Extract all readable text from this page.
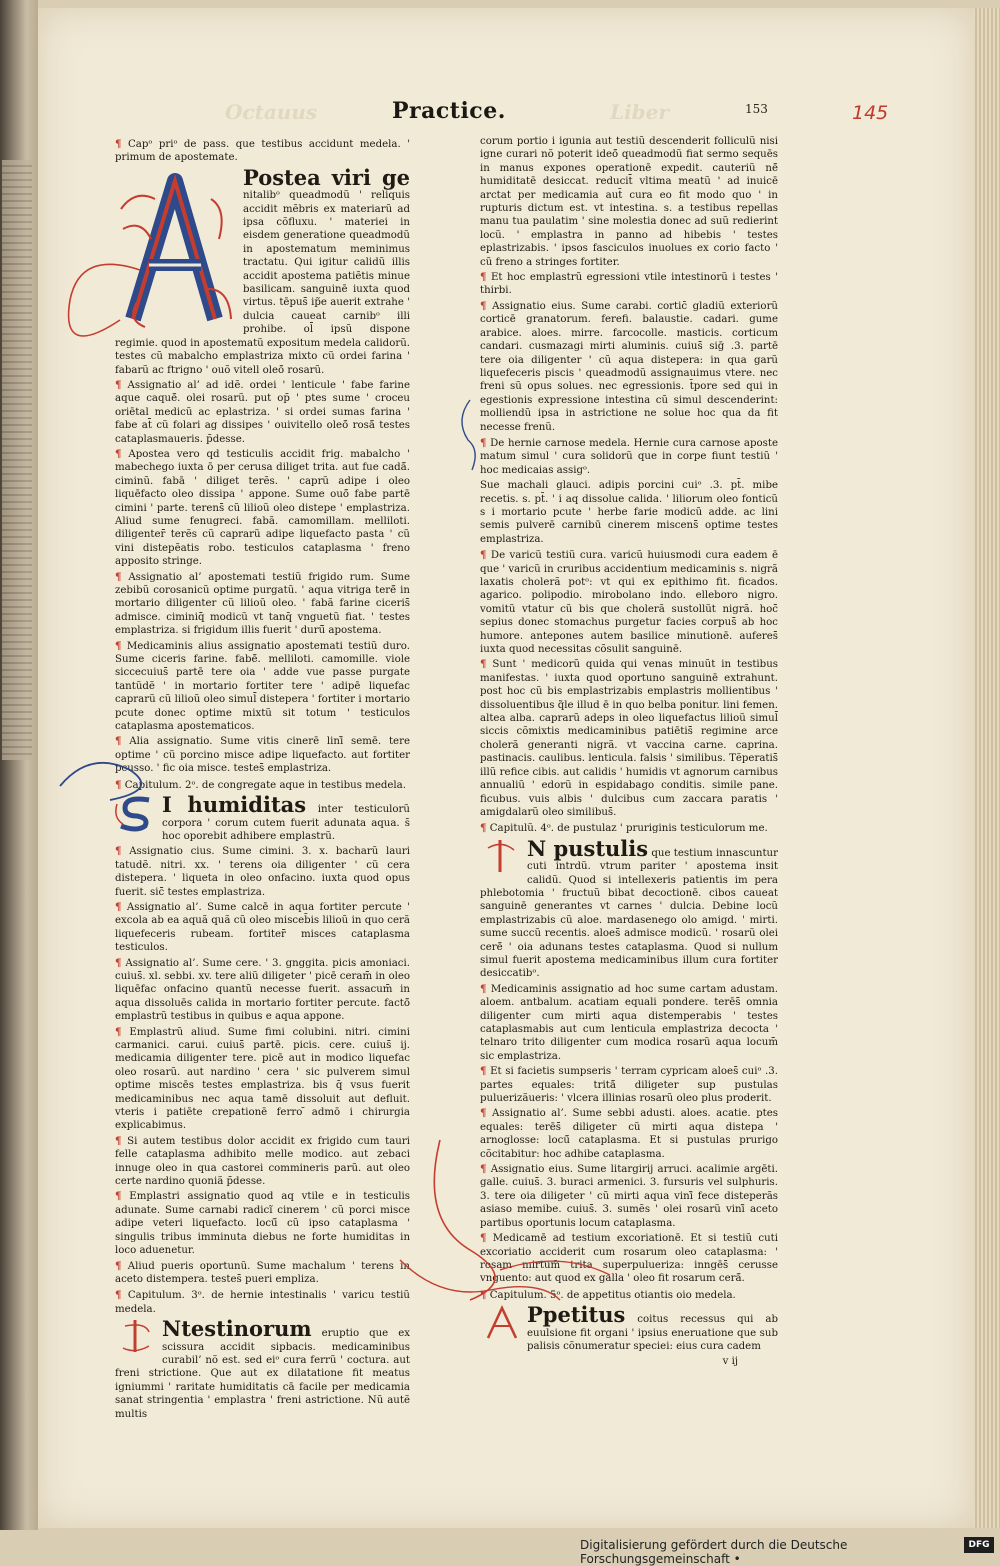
Octauus	Liber
Practice.	153	145

¶ Capᵒ priᵒ de pass. que testibus accidunt medela. ' primum de apostemate.

Postea viri ge nitalibᵒ queadmodũ ' reliquis accidit mẽbris ex materiarũ ad ipsa cõfluxu. ' materiei in eisdem generatione queadmodũ in apostematum meminimus tractatu. Qui igitur calidũ illis accidit apostema patiẽtis minue basilicam. sanguinē iuxta quod virtus. tēpus̄̄ ip̃e auerit extrahe ' dulcia caueat carnibᵒ illi prohibe. ol̄̄ ipsũ dispone regimie. quod in apostematũ expositum medela calidorũ. testes cũ mabalcho emplastriza mixto cũ ordei farina ' fabarũ ac ftrigno ' ouõ vitell oleō̄ rosarũ.

¶ Assignatio al’ ad idẽ. ordei ' lenticule ' fabe farine aque caquē̄. olei rosarũ. put op̄ ' ptes sume ' croceu oriētal medicũ ac eplastriza. ' si ordei sumas farina ' fabe at̄̄ cũ folari ag dissipes ' ouivitello oleō̄ rosā̄ testes cataplasmaueris. p̄desse.

¶ Apostea vero qd testiculis accidit frig. mabalcho ' mabechego iuxta ō per cerusa diliget trita. aut fue cadā̄. ciminũ. fabā ' diliget terẽs. ' caprũ adipe i oleo liquēfacto oleo dissipa ' appone. Sume ouō̄ fabe partē cimini ' parte. terens̄̄ cũ lilioũ oleo distepe ' emplastriza. Aliud sume fenugreci. fabã. camomillam. melliloti. diligenter̄̄ terẽs cũ caprarũ adipe liquefacto pasta ' cũ vini distepẽatis robo. testiculos cataplasma ' freno apposito stringe.

¶ Assignatio al’ apostemati testiũ frigido rum. Sume zebibũ corosanicũ optime purgatũ. ' aqua vitriga terē̄ in mortario diligenter cũ lilioũ oleo. ' fabã farine ciceris̄̄ admisce. ciminiq̄̄ modicũ vt tanq̄ vnguetũ fiat. ' testes emplastriza. si frigidum illis fuerit ' durũ̄ apostema.

¶ Medicaminis alius assignatio apostemati testiũ duro. Sume ciceris farine. fabē̄. melliloti. camomille. viole siccecuius̄̄ partē tere oia ' adde vue passe purgate tantũdẽ ' in mortario fortiter tere ' adipē liquefac caprarũ cũ lilioũ oleo simul̄̄ distepera ' fortiter i mortario pcute donec optime mixtũ sit totum ' testiculos cataplasma apostematicos.

¶ Alia assignatio. Sume vitis cinerē linī̄ semē. tere optime ' cũ porcino misce adipe liquefacto. aut fortiter pcusso. ' fic oia misce. testes̄̄ emplastriza.

¶ Capitulum. 2ᵒ. de congregate aque in testibus medela.

I humiditas inter testiculorũ corpora ' corum cutem fuerit adunata aqua. s̄ hoc oporebit adhibere emplastrũ.

¶ Assignatio cius. Sume cimini. 3. x. bacharũ lauri tatudẽ. nitri. xx. ' terens oia diligenter ' cũ cera distepera. ' liqueta in oleo onfacino. iuxta quod opus fuerit. sic̄̄ testes emplastriza.

¶ Assignatio al’. Sume calcē in aqua fortiter percute ' excola ab ea aquã quã cũ oleo misceb̄is lilioũ in quo cerã liquefeceris rubeam. fortiter̄̄ misces cataplasma testiculos.

¶ Assignatio al’. Sume cere. ' 3. gnggita. picis amoniaci. cuius̄̄. xl. sebbi. xv. tere aliũ diligeter ' picē ceram̄̄ in oleo liquēfac onfacino quantũ necesse fuerit. assacum̄̄ in aqua dissoluēs calida in mortario fortiter percute. factō̄ emplastrũ testibus in quibus e aqua appone.

¶ Emplastrũ aliud. Sume fimi colubini. nitri. cimini carmanici. carui. cuius̄̄ partē. picis. cere. cuius̄̄ ij. medicamia diligenter tere. picē aut in modico liquefac oleo rosarũ. aut nardino ' cera ' sic pulverem simul optime miscēs testes emplastriza. bis q̄ vsus fuerit medicaminibus nec aqua tamē dissoluit aut defluit. vteris i patiēte crepationē ferro ̄admō i chirurgia explicabimus.

¶ Si autem testibus dolor accidit ex frigido cum tauri felle cataplasma adhibito melle modico. aut zebaci innuge oleo in qua castorei commineris parũ. aut oleo certe nardino quoniã p̄desse.

¶ Emplastri assignatio quod aq vtile e in testiculis adunate. Sume carnabi radicĩ cinerem ' cũ porci misce adipe veteri liquefacto. locū̄ cũ ipso cataplasma ' singulis tribus imminuta diebus ne forte humiditas in loco aduenetur.

¶ Aliud pueris oportunũ. Sume machalum ' terens in aceto distempera. testes̄̄ pueri empliza.

¶ Capitulum. 3ᵒ. de hernie intestinalis ' varicu testiũ medela.

Ntestinorum eruptio que ex scissura accidit sipbacis. medicaminibus curabil’ nõ est. sed eiᵒ cura ferrũ ' coctura. aut freni strictione. Que aut ex dilatatione fit meatus igniummi ' raritate humiditatis cā facile per medicamia sanat stringentia ' emplastra ' freni astrictione. Nũ autẽ multis

corum portio i igunia aut testiũ descenderit folliculũ nisi igne curari nõ poterit ideō̄ queadmodũ fiat sermo sequēs in manus expones operationē expedit. cauteriũ nē̄ humiditatē desiccat. reducit̄̄ vltima meatũ ' ad inuicē arctat per medicamia aut̄ cura eo fit modo quo ' in rupturis dictum est. vt intestina. s. a testibus repellas manu tua paulatim ' sine molestia donec ad suũ redierint locũ. ' emplastra in panno ad hibebis ' testes eplastrizabis. ' ipsos fasciculos inuolues ex corio facto ' cũ freno a stringes fortiter.

¶ Et hoc emplastrũ egressioni vtile intestinorũ i testes ' thirbi.

¶ Assignatio eius. Sume carabi. cortic̄ gladiũ exteriorũ corticē granatorum. ferefi. balaustie. cadari. gume arabice. aloes. mirre. farcocolle. masticis. corticum candari. cusmazagi mirti aluminis. cuius̄̄ siḡ .3. partē tere oia diligenter ' cũ aqua distepera: in qua garũ liquefeceris piscis ' queadmodũ assignauimus vtere. nec freni sũ opus solues. nec egressionis. t̄pore sed qui in egestionis expressione intestina cũ simul descenderint: molliendũ ipsa in astrictione ne solue hoc qua da fit necesse frenũ.

¶ De hernie carnose medela. Hernie cura carnose aposte matum simul ' cura solidorũ que in corpe fiunt testiũ ' hoc medicaias assigᵒ.

Sue machali glauci. adipis porcini cuiᵒ .3. pt̄. mibe recetis. s. pt̄. ' i aq dissolue calida. ' liliorum oleo fonticũ s i mortario pcute ' herbe farie modicũ adde. ac lini semis pulverē carnibū cinerem miscens̄̄ optime testes emplastriza.

¶ De varicũ testiũ cura. varicũ huiusmodi cura eadem ē que ' varicũ in cruribus accidentium medicaminis s. nigrã laxatis cholerã potᵒ: vt qui ex epithimo fit. ficados. agarico. polipodio. mirobolano indo. elleboro nigro. vomitũ vtatur cũ bis que cholerã sustollũt nigrã. hoc̄̄ sepius donec stomachus purgetur facies corpus̄̄ ab hoc humore. antepones autem basilice minutionē. auferes̄̄ iuxta quod necessitas cõsulit sanguinē.

¶ Sunt ' medicorũ quida qui venas minuũt in testibus manifestas. ' iuxta quod oportuno sanguinē extrahunt. post hoc cũ bis emplastrizabis emplastris mollientibus ' dissoluentibus q̃le illud ē in quo belba ponitur. lini femen. altea alba. caprarũ adeps in oleo liquefactus lilioũ simul̄̄ siccis cõmixtis medicaminibus patiētis̄̄ regimine arce cholerã generanti nigrã. vt vaccina carne. caprina. pastinacis. caulibus. lenticula. falsis ' similibus. Tẽperatis̄̄ illũ refice cibis. aut calidis ' humidis vt agnorum carnibus annualiũ ' edorũ in espidabago conditis. simile pane. ficubus. vuis albis ' dulcibus cum zaccara paratis ' amigdalarũ oleo similibus̄̄.

¶ Capitulũ. 4ᵒ. de pustulaz ' pruriginis testiculorum me.

N pustulis que testium innascuntur cuti intrdũ. vtrum pariter ' apostema insit calidũ. Quod si intellexeris patientis im pera phlebotomia ' fructuũ bibat decoctionē. cibos caueat sanguinē generantes vt carnes ' dulcia. Debine locũ emplastrizabis cũ aloe. mardasenego olo amigd. ' mirti. sume succũ recentis. aloes̄̄ admisce modicũ. ' rosarũ olei cerē̄ ' oia adunans testes cataplasma. Quod si nullum simul fuerit apostema medicaminibus illum cura fortiter desiccatibᵒ.

¶ Medicaminis assignatio ad hoc sume cartam adustam. aloem. antbalum. acatiam equali pondere. terēs̄̄ omnia diligenter cum mirti aqua distemperabis ' testes cataplasmabis aut cum lenticula emplastriza decocta ' telnaro trito diligenter cum modica rosarũ aqua locum̄̄ sic emplastriza.

¶ Et si facietis sumpseris ' terram cypricam aloes̄̄ cuiᵒ .3. partes equales: tritā̄ diligeter sup pustulas puluerizãueris: ' vlcera illinias rosarũ oleo plus proderit.

¶ Assignatio al’. Sume sebbi adusti. aloes. acatie. ptes equales: terēs̄̄ diligeter cũ mirti aqua distepa ' arnoglosse: locū̄ cataplasma. Et si pustulas prurigo cõcitabitur: hoc adhibe cataplasma.

¶ Assignatio eius. Sume litargirij arruci. acalimie argēti. galle. cuius̄̄. 3. buraci armenici. 3. fursuris vel sulphuris. 3. tere oia diligeter ' cũ mirti aqua vinī̄ fece disteperãs asiaso memibe. cuius̄̄. 3. sumẽs ' olei rosarũ vinī̄ aceto partibus oportunis locum cataplasma.

¶ Medicamē ad testium excoriationē. Et si testiũ cuti excoriatio acciderit cum rosarum oleo cataplasma: ' rosam mirtum̄̄ trita superpulueriza: inngēs̄̄ cerusse vnguento: aut quod ex galla ' oleo fit rosarum cerā̄.

¶ Capitulum. 5ᵒ. de appetitus otiantis oio medela.

Ppetitus coitus recessus qui ab euulsione fit organi ' ipsius eneruatione que sub palisis cõnumeratur speciei: eius cura cadem

v ij

Digitalisierung gefördert durch die Deutsche Forschungsgemeinschaft •
DFG
